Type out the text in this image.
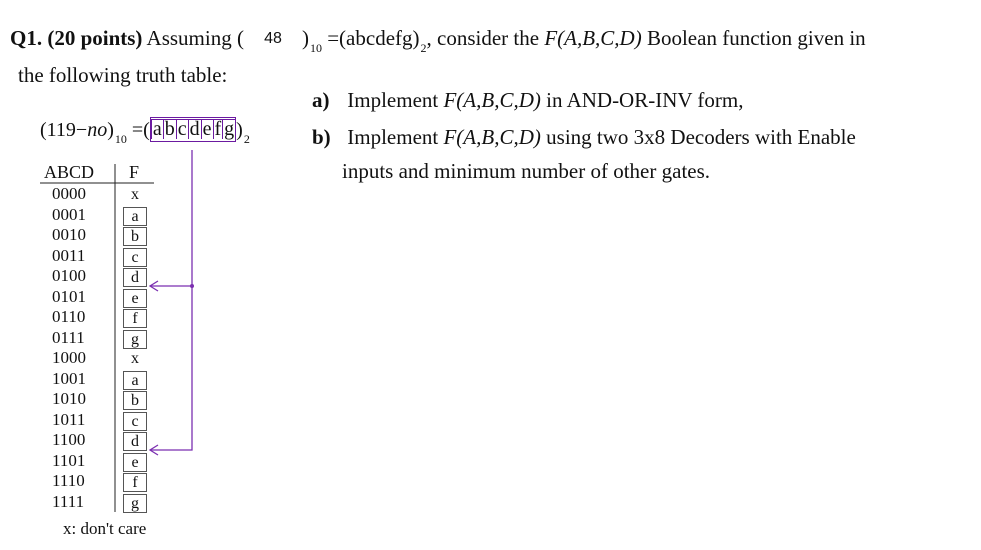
Q1. (20 points) Assuming ( 48 )$_{10}$ $=(abcdefg)_2$, consider the F(A,B,C,D) Boolean function given in
the following truth table:
a) Implement F(A,B,C,D) in AND-OR-INV form,
b) Implement F(A,B,C,D) using two 3x8 Decoders with Enable
inputs and minimum number of other gates.
$(119-no)_{10}$ =( a b c d e f g )$_2$
ABCD F
0000	x
0001	a
0010	b
0011	c
0100	d
0101	e
0110	f
0111	g
1000	x
1001	a
1010	b
1011	c
1100	d
1101	e
1110	f
1111	g
x: don't care
